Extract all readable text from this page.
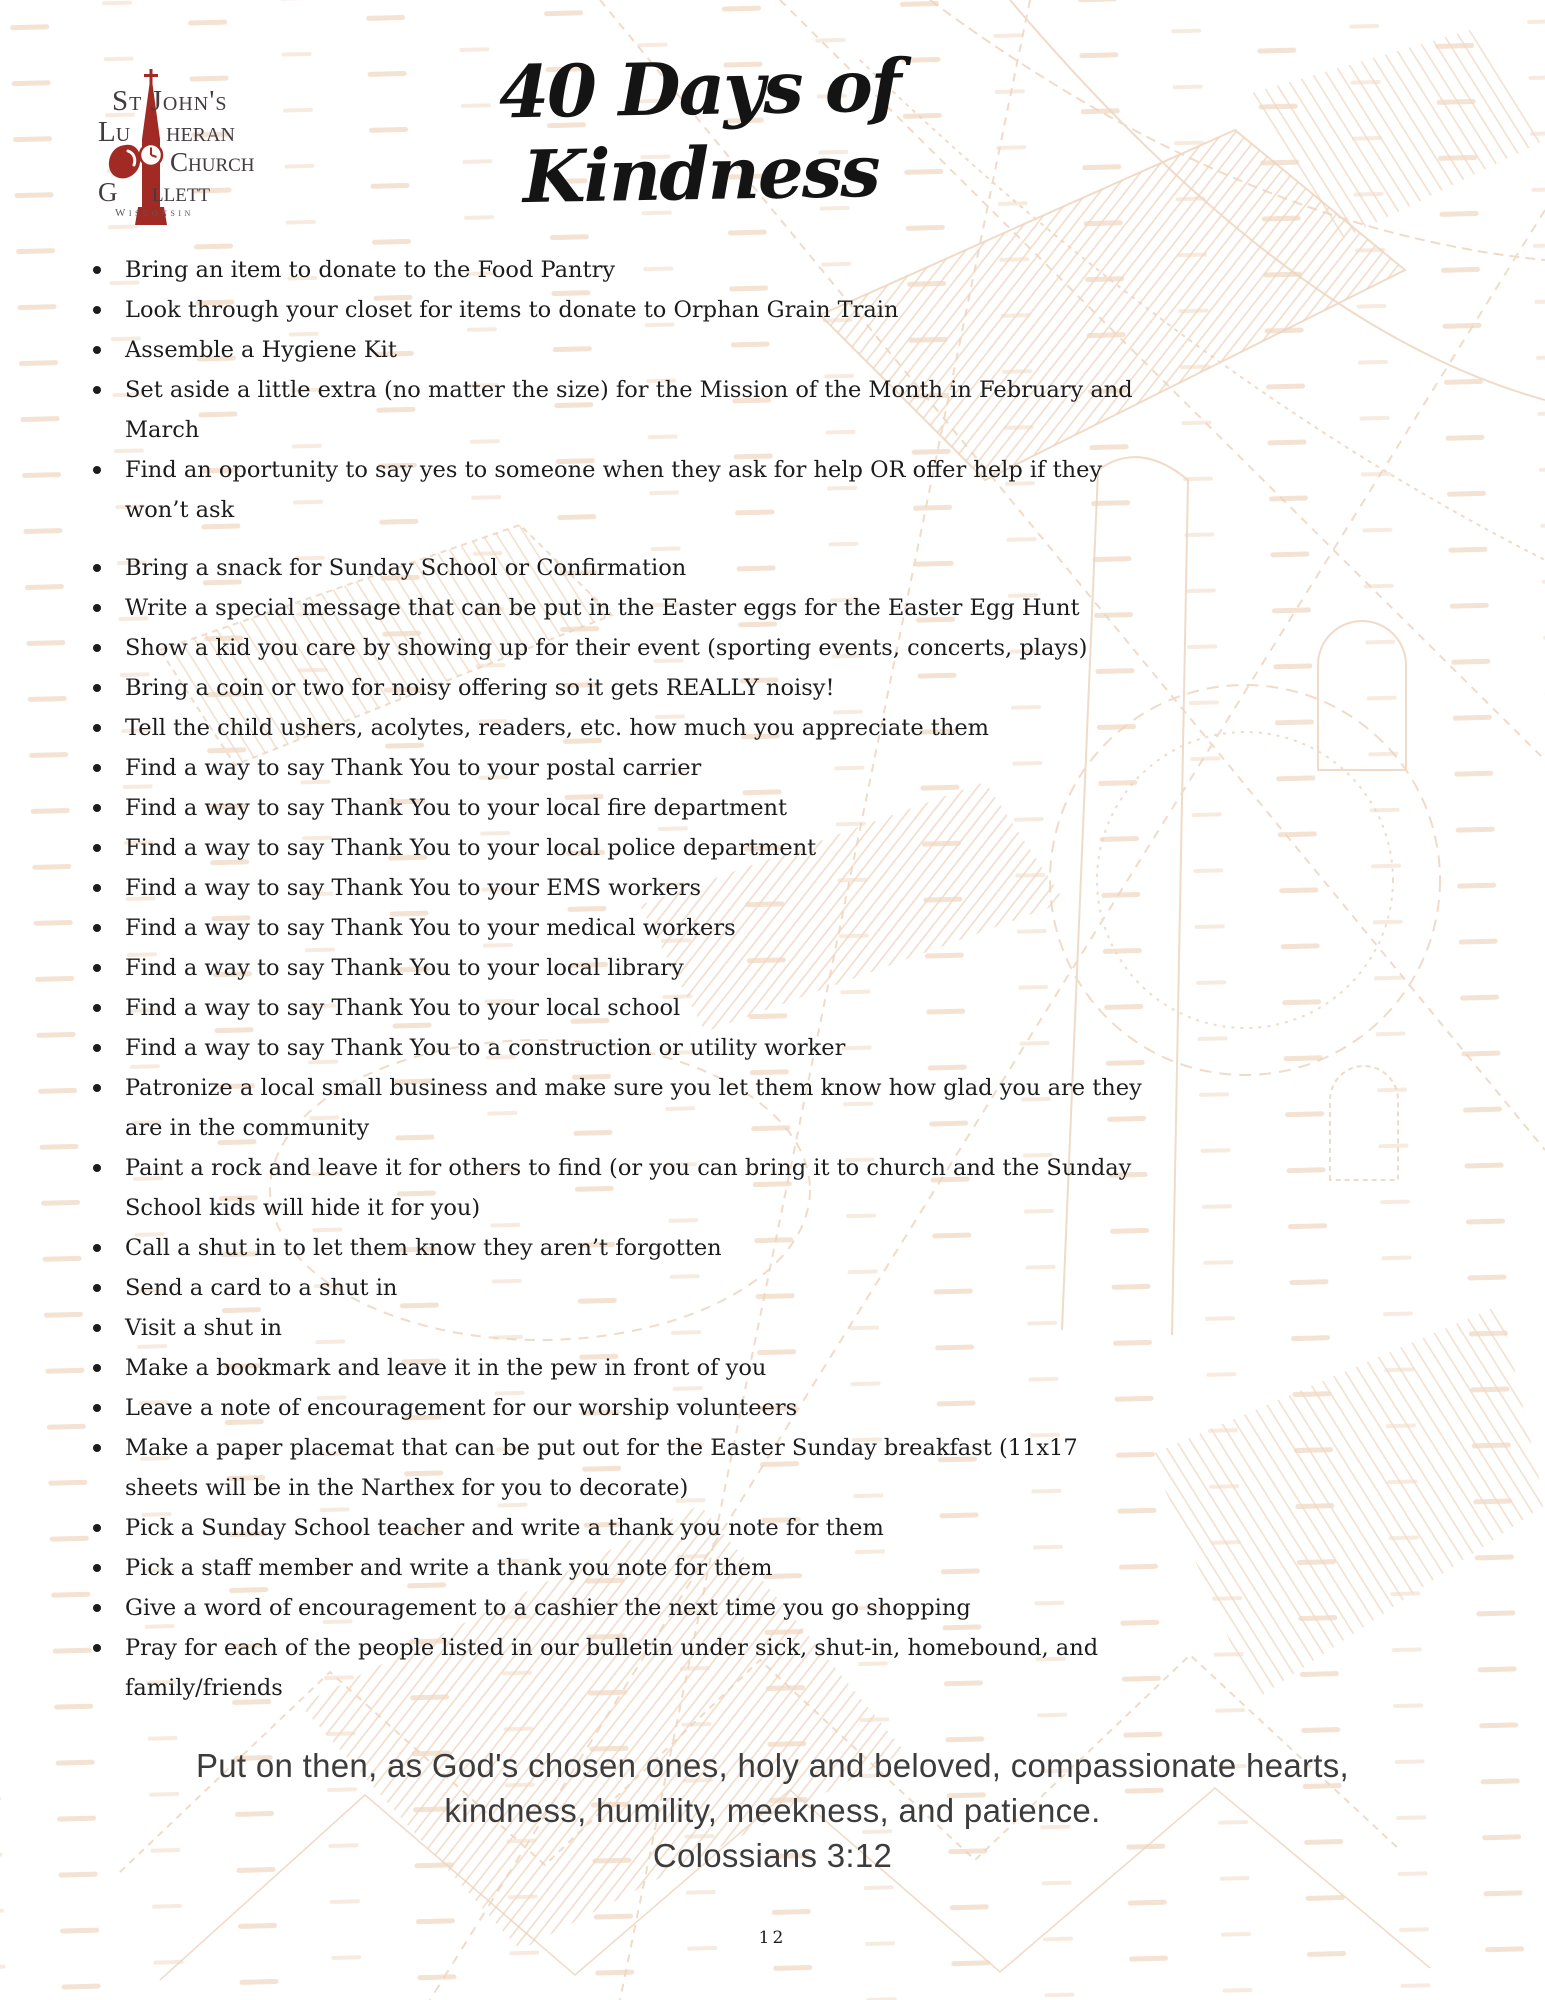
St John's
Lu heran
Church
G llett
Wisconsin
40 Days of Kindness
Bring an item to donate to the Food Pantry
Look through your closet for items to donate to Orphan Grain Train
Assemble a Hygiene Kit
Set aside a little extra (no matter the size) for the Mission of the Month in February and March
Find an oportunity to say yes to someone when they ask for help OR offer help if they won’t ask
Bring a snack for Sunday School or Confirmation
Write a special message that can be put in the Easter eggs for the Easter Egg Hunt
Show a kid you care by showing up for their event (sporting events, concerts, plays)
Bring a coin or two for noisy offering so it gets REALLY noisy!
Tell the child ushers, acolytes, readers, etc. how much you appreciate them
Find a way to say Thank You to your postal carrier
Find a way to say Thank You to your local fire department
Find a way to say Thank You to your local police department
Find a way to say Thank You to your EMS workers
Find a way to say Thank You to your medical workers
Find a way to say Thank You to your local library
Find a way to say Thank You to your local school
Find a way to say Thank You to a construction or utility worker
Patronize a local small business and make sure you let them know how glad you are they are in the community
Paint a rock and leave it for others to find (or you can bring it to church and the Sunday School kids will hide it for you)
Call a shut in to let them know they aren’t forgotten
Send a card to a shut in
Visit a shut in
Make a bookmark and leave it in the pew in front of you
Leave a note of encouragement for our worship volunteers
Make a paper placemat that can be put out for the Easter Sunday breakfast (11x17 sheets will be in the Narthex for you to decorate)
Pick a Sunday School teacher and write a thank you note for them
Pick a staff member and write a thank you note for them
Give a word of encouragement to a cashier the next time you go shopping
Pray for each of the people listed in our bulletin under sick, shut-in, homebound, and family/friends
Put on then, as God's chosen ones, holy and beloved, compassionate hearts,
kindness, humility, meekness, and patience.
Colossians 3:12
12
